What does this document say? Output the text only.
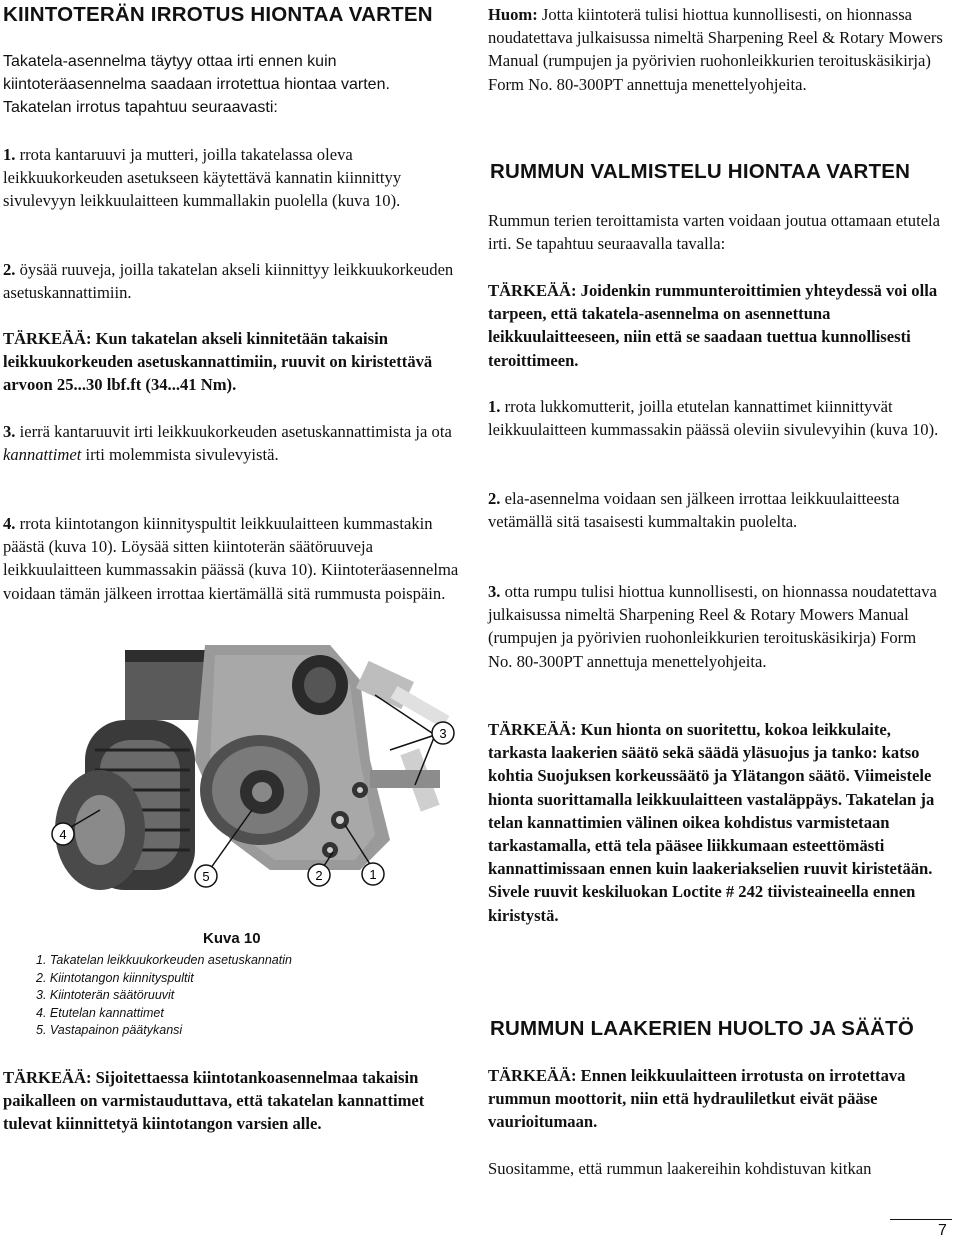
KIINTOTERÄN IRROTUS HIONTAA VARTEN

Takatela-asennelma täytyy ottaa irti ennen kuin kiintoteräasennelma saadaan irrotettua hiontaa varten. Takatelan irrotus tapahtuu seuraavasti:

1. rrota kantaruuvi ja mutteri, joilla takatelassa oleva leikkuukorkeuden asetukseen käytettävä kannatin kiinnittyy sivulevyyn leikkuulaitteen kummallakin puolella (kuva 10).

2. öysää ruuveja, joilla takatelan akseli kiinnittyy leikkuukorkeuden asetuskannattimiin.

TÄRKEÄÄ: Kun takatelan akseli kinnitetään takaisin leikkuukorkeuden asetuskannattimiin, ruuvit on kiristettävä arvoon 25...30 lbf.ft (34...41 Nm).

3. ierrä kantaruuvit irti leikkuukorkeuden asetuskannattimista ja ota kannattimet irti molemmista sivulevyistä.

4. rrota kiintotangon kiinnityspultit leikkuulaitteen kummastakin päästä (kuva 10). Löysää sitten kiintoterän säätöruuveja leikkuulaitteen kummassakin päässä (kuva 10). Kiintoteräasennelma voidaan tämän jälkeen irrottaa kiertämällä sitä rummusta poispäin.

3
4
5	2	1
Kuva 10
1. Takatelan leikkuukorkeuden asetuskannatin
2. Kiintotangon kiinnityspultit
3. Kiintoterän säätöruuvit
4. Etutelan kannattimet
5. Vastapainon päätykansi

TÄRKEÄÄ: Sijoitettaessa kiintotankoasennelmaa takaisin paikalleen on varmistauduttava, että takatelan kannattimet tulevat kiinnittetyä kiintotangon varsien alle.

Huom: Jotta kiintoterä tulisi hiottua kunnollisesti, on hionnassa noudatettava julkaisussa nimeltä Sharpening Reel & Rotary Mowers Manual (rumpujen ja pyörivien ruohonleikkurien teroituskäsikirja) Form No. 80-300PT annettuja menettelyohjeita.

RUMMUN VALMISTELU HIONTAA VARTEN

Rummun terien teroittamista varten voidaan joutua ottamaan etutela irti. Se tapahtuu seuraavalla tavalla:

TÄRKEÄÄ: Joidenkin rummunteroittimien yhteydessä voi olla tarpeen, että takatela-asennelma on asennettuna leikkuulaitteeseen, niin että se saadaan tuettua kunnollisesti teroittimeen.

1. rrota lukkomutterit, joilla etutelan kannattimet kiinnittyvät leikkuulaitteen kummassakin päässä oleviin sivulevyihin (kuva 10).

2. ela-asennelma voidaan sen jälkeen irrottaa leikkuulaitteesta vetämällä sitä tasaisesti kummaltakin puolelta.

3. otta rumpu tulisi hiottua kunnollisesti, on hionnassa noudatettava julkaisussa nimeltä Sharpening Reel & Rotary Mowers Manual (rumpujen ja pyörivien ruohonleikkurien teroituskäsikirja) Form No. 80-300PT annettuja menettelyohjeita.

TÄRKEÄÄ: Kun hionta on suoritettu, kokoa leikkulaite, tarkasta laakerien säätö sekä säädä yläsuojus ja tanko: katso kohtia Suojuksen korkeussäätö ja Ylätangon säätö. Viimeistele hionta suorittamalla leikkuulaitteen vastaläppäys. Takatelan ja telan kannattimien välinen oikea kohdistus varmistetaan tarkastamalla, että tela pääsee liikkumaan esteettömästi kannattimissaan ennen kuin laakeriakselien ruuvit kiristetään. Sivele ruuvit keskiluokan Loctite # 242 tiivisteaineella ennen kiristystä.

RUMMUN LAAKERIEN HUOLTO JA SÄÄTÖ

TÄRKEÄÄ: Ennen leikkuulaitteen irrotusta on irrotettava rummun moottorit, niin että hydrauliletkut eivät pääse vaurioitumaan.

Suositamme, että rummun laakereihin kohdistuvan kitkan

7
